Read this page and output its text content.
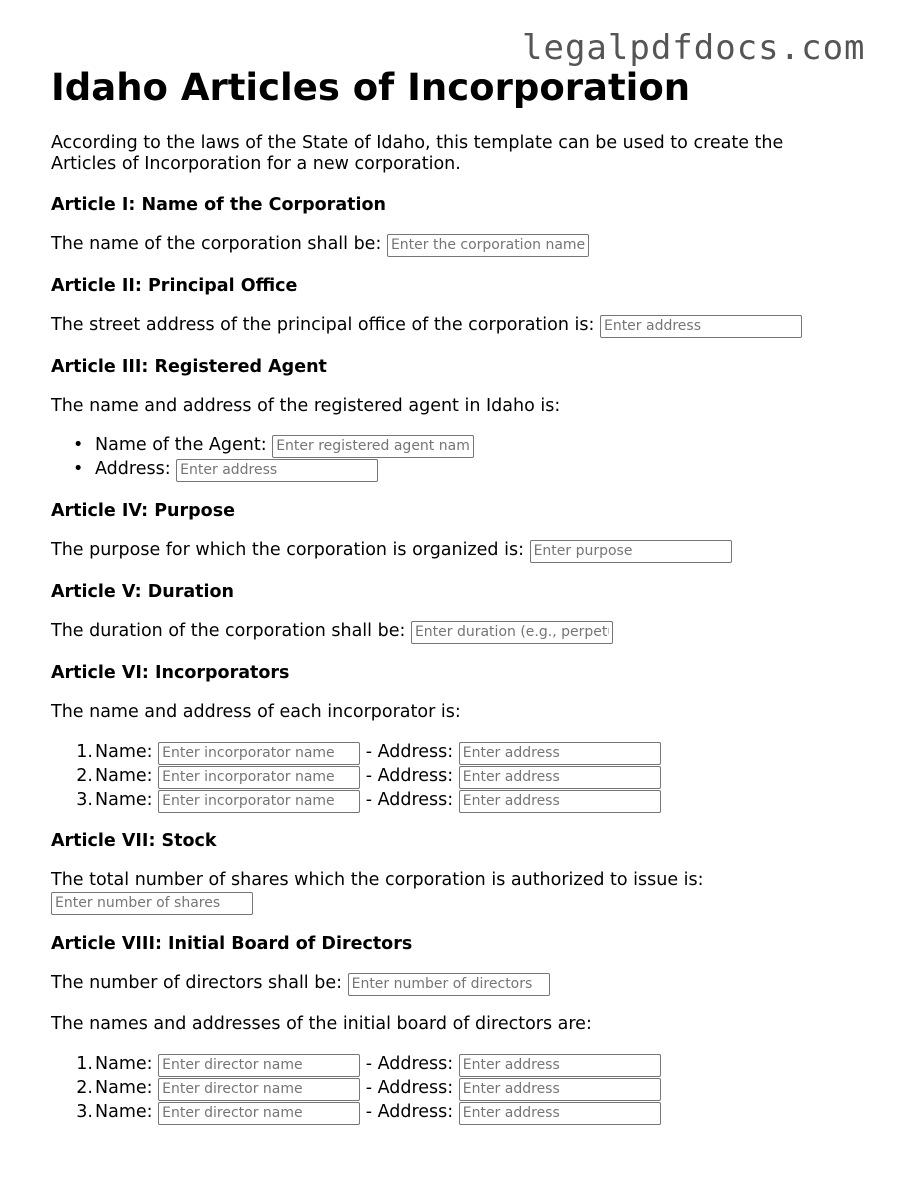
legalpdfdocs.com
Idaho Articles of Incorporation
According to the laws of the State of Idaho, this template can be used to create the Articles of Incorporation for a new corporation.
Article I: Name of the Corporation
The name of the corporation shall be: Enter the corporation name
Article II: Principal Office
The street address of the principal office of the corporation is: Enter address
Article III: Registered Agent
The name and address of the registered agent in Idaho is:
• Name of the Agent: Enter registered agent name
• Address: Enter address
Article IV: Purpose
The purpose for which the corporation is organized is: Enter purpose
Article V: Duration
The duration of the corporation shall be: Enter duration (e.g., perpetual)
Article VI: Incorporators
The name and address of each incorporator is:
1. Name: Enter incorporator name	- Address: Enter address
2. Name: Enter incorporator name	- Address: Enter address
3. Name: Enter incorporator name	- Address: Enter address
Article VII: Stock
The total number of shares which the corporation is authorized to issue is:
Enter number of shares
Article VIII: Initial Board of Directors
The number of directors shall be: Enter number of directors
The names and addresses of the initial board of directors are:
1. Name: Enter director name	- Address: Enter address
2. Name: Enter director name	- Address: Enter address
3. Name: Enter director name	- Address: Enter address
